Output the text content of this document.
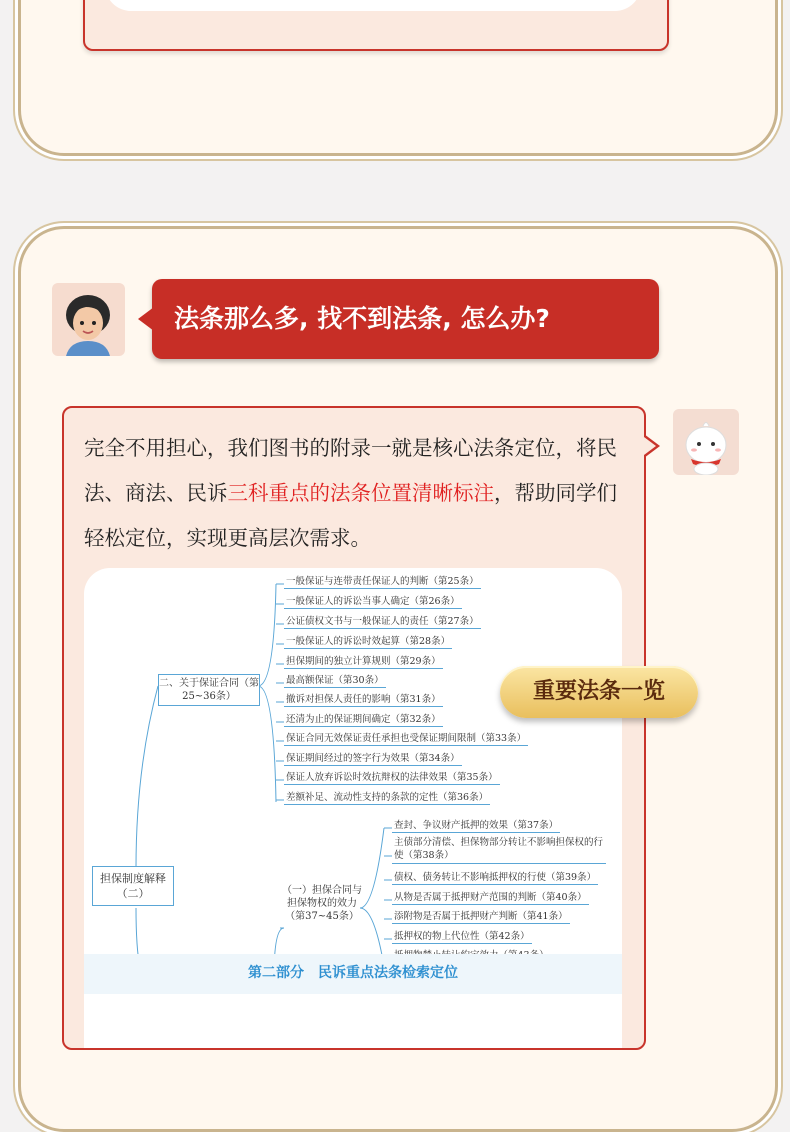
法条那么多, 找不到法条, 怎么办?
完全不用担心，我们图书的附录一就是核心法条定位，将民法、商法、民诉三科重点的法条位置清晰标注，帮助同学们轻松定位，实现更高层次需求。
担保制度解释（二）
二、关于保证合同（第25~36条）
一般保证与连带责任保证人的判断（第25条）
一般保证人的诉讼当事人确定（第26条）
公证债权文书与一般保证人的责任（第27条）
一般保证人的诉讼时效起算（第28条）
担保期间的独立计算规则（第29条）
最高额保证（第30条）
撤诉对担保人责任的影响（第31条）
还清为止的保证期间确定（第32条）
保证合同无效保证责任承担也受保证期间限制（第33条）
保证期间经过的签字行为效果（第34条）
保证人放弃诉讼时效抗辩权的法律效果（第35条）
差额补足、流动性支持的条款的定性（第36条）
（一）担保合同与担保物权的效力（第37~45条）
查封、争议财产抵押的效果（第37条）
主债部分清偿、担保物部分转让不影响担保权的行使（第38条）
债权、债务转让不影响抵押权的行使（第39条）
从物是否属于抵押财产范围的判断（第40条）
添附物是否属于抵押财产判断（第41条）
抵押权的物上代位性（第42条）
第二部分　民诉重点法条检索定位
重要法条一览
